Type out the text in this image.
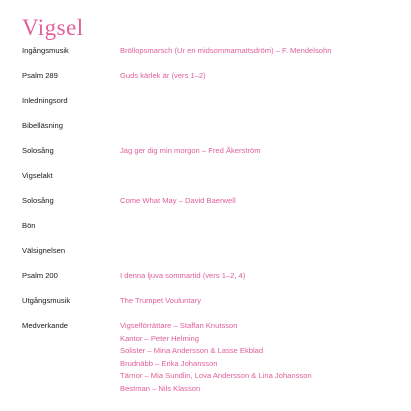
Vigsel
Ingångsmusik	Bröllopsmarsch (Ur en midsommarnattsdröm) – F. Mendelsohn
Psalm 289	Guds kärlek är (vers 1–2)
Inledningsord
Bibelläsning
Solosång	Jag ger dig min morgon – Fred Åkerström
Vigselakt
Solosång	Come What May – David Baerwell
Bön
Välsignelsen
Psalm 200	I denna ljuva sommartid (vers 1–2, 4)
Utgångsmusik	The Trumpet Vouluntary
Medverkande	Vigselförrättare – Staffan Knutsson
Kantor – Peter Helming
Solister – Mina Andersson & Lasse Ekblad
Brudnäbb – Erika Johansson
Tärnor – Mia Sundlin, Lova Andersson & Lina Johansson
Bestman – Nils Klasson
